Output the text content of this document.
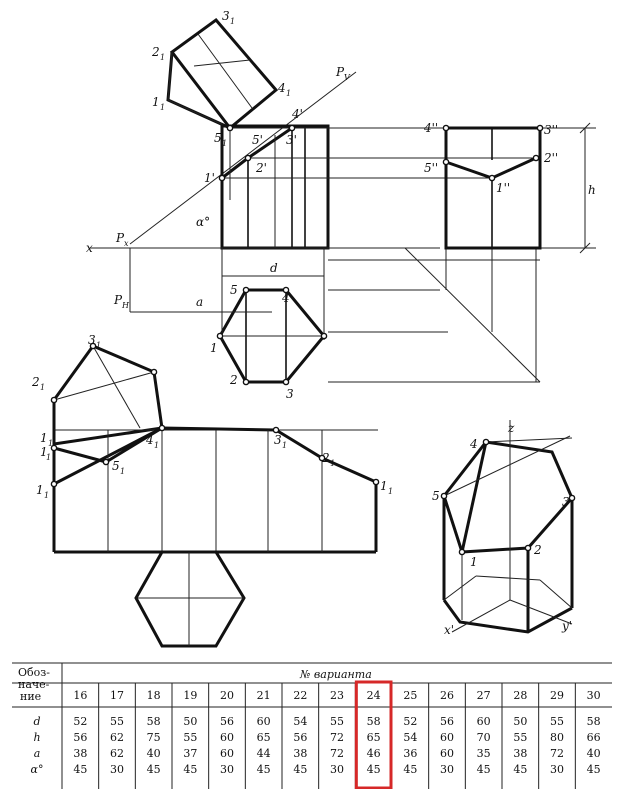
3 1
2 1
1 1
4 1
5 1
P V
1'
2'
3'
4'
5'
4''	3''
5''
2''
1''	h
x
P x
α°
d
a
P H
5
4
1
2
3
3 1
2 1
1
1
1 1
5 1
4 1
1 1	3 1
2 1
1 1
z
4
5	3
1
2
x'	y'
Обоз-
наче-
ние
№ варианта
16 17 18 19 20 21 22 23 24 25 26 27 28 29 30
d	52 55 58 50 56 60 54 55 58 52 56 60 50 55 58
h	56 62 75 55 60 65 56 72 65 54 60 70 55 80 66
a	38 62 40 37 60 44 38 72 46 36 60 35 38 72 40
α°	45 30 45 45 30 45 45 30 45 45 30 45 45 30 45
